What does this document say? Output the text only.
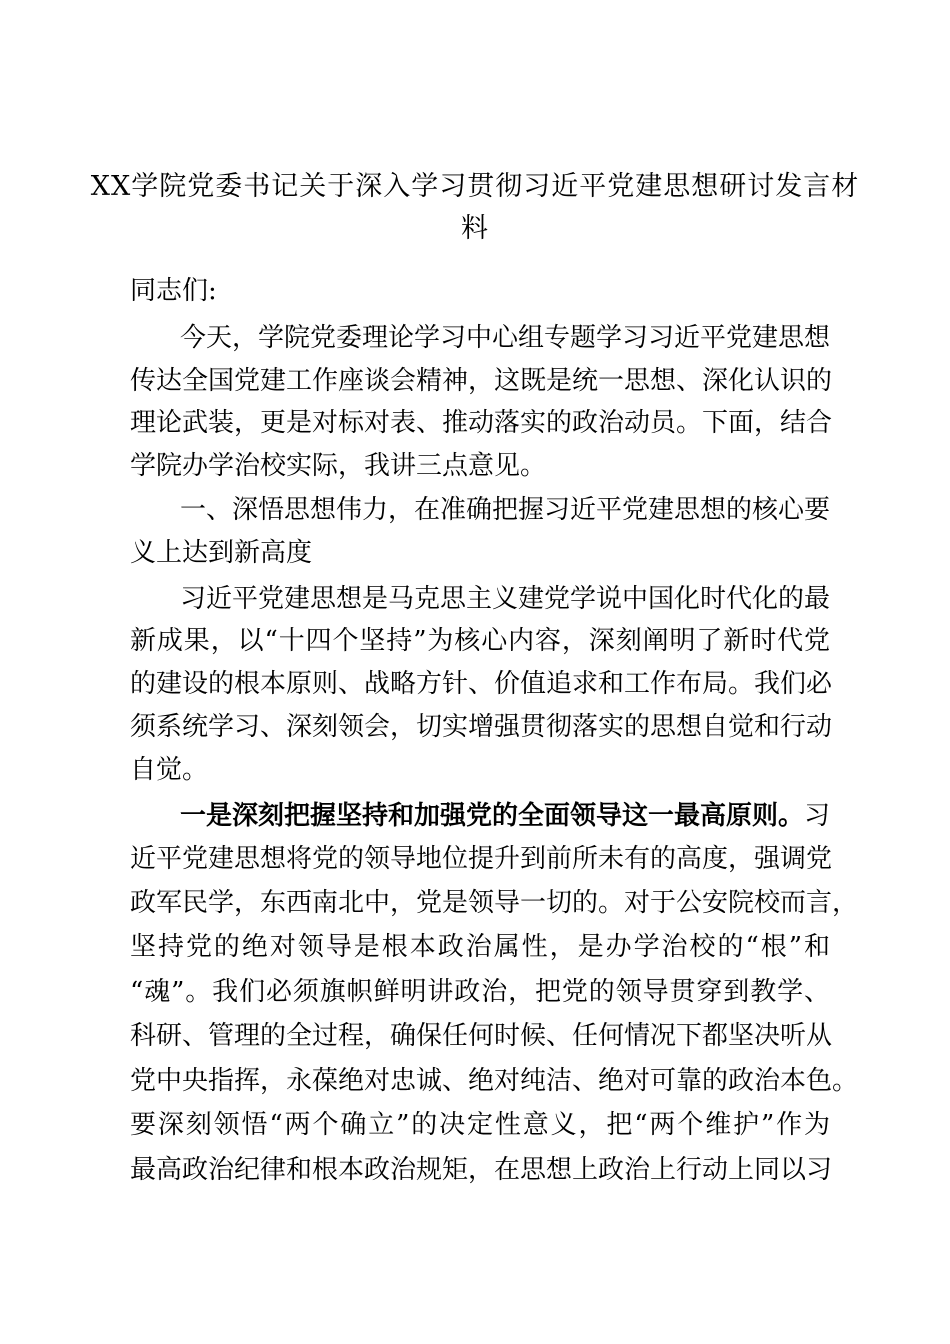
XX学院党委书记关于深入学习贯彻习近平党建思想研讨发言材
料
同志们:
今天，学院党委理论学习中心组专题学习习近平党建思想
传达全国党建工作座谈会精神，这既是统一思想、深化认识的
理论武装，更是对标对表、推动落实的政治动员。下面，结合
学院办学治校实际，我讲三点意见。
一、深悟思想伟力，在准确把握习近平党建思想的核心要
义上达到新高度
习近平党建思想是马克思主义建党学说中国化时代化的最
新成果，以“十四个坚持”为核心内容，深刻阐明了新时代党
的建设的根本原则、战略方针、价值追求和工作布局。我们必
须系统学习、深刻领会，切实增强贯彻落实的思想自觉和行动
自觉。
一是深刻把握坚持和加强党的全面领导这一最高原则。习
近平党建思想将党的领导地位提升到前所未有的高度，强调党
政军民学，东西南北中，党是领导一切的。对于公安院校而言，
坚持党的绝对领导是根本政治属性，是办学治校的“根”和
“魂”。我们必须旗帜鲜明讲政治，把党的领导贯穿到教学、
科研、管理的全过程，确保任何时候、任何情况下都坚决听从
党中央指挥，永葆绝对忠诚、绝对纯洁、绝对可靠的政治本色。
要深刻领悟“两个确立”的决定性意义，把“两个维护”作为
最高政治纪律和根本政治规矩，在思想上政治上行动上同以习
